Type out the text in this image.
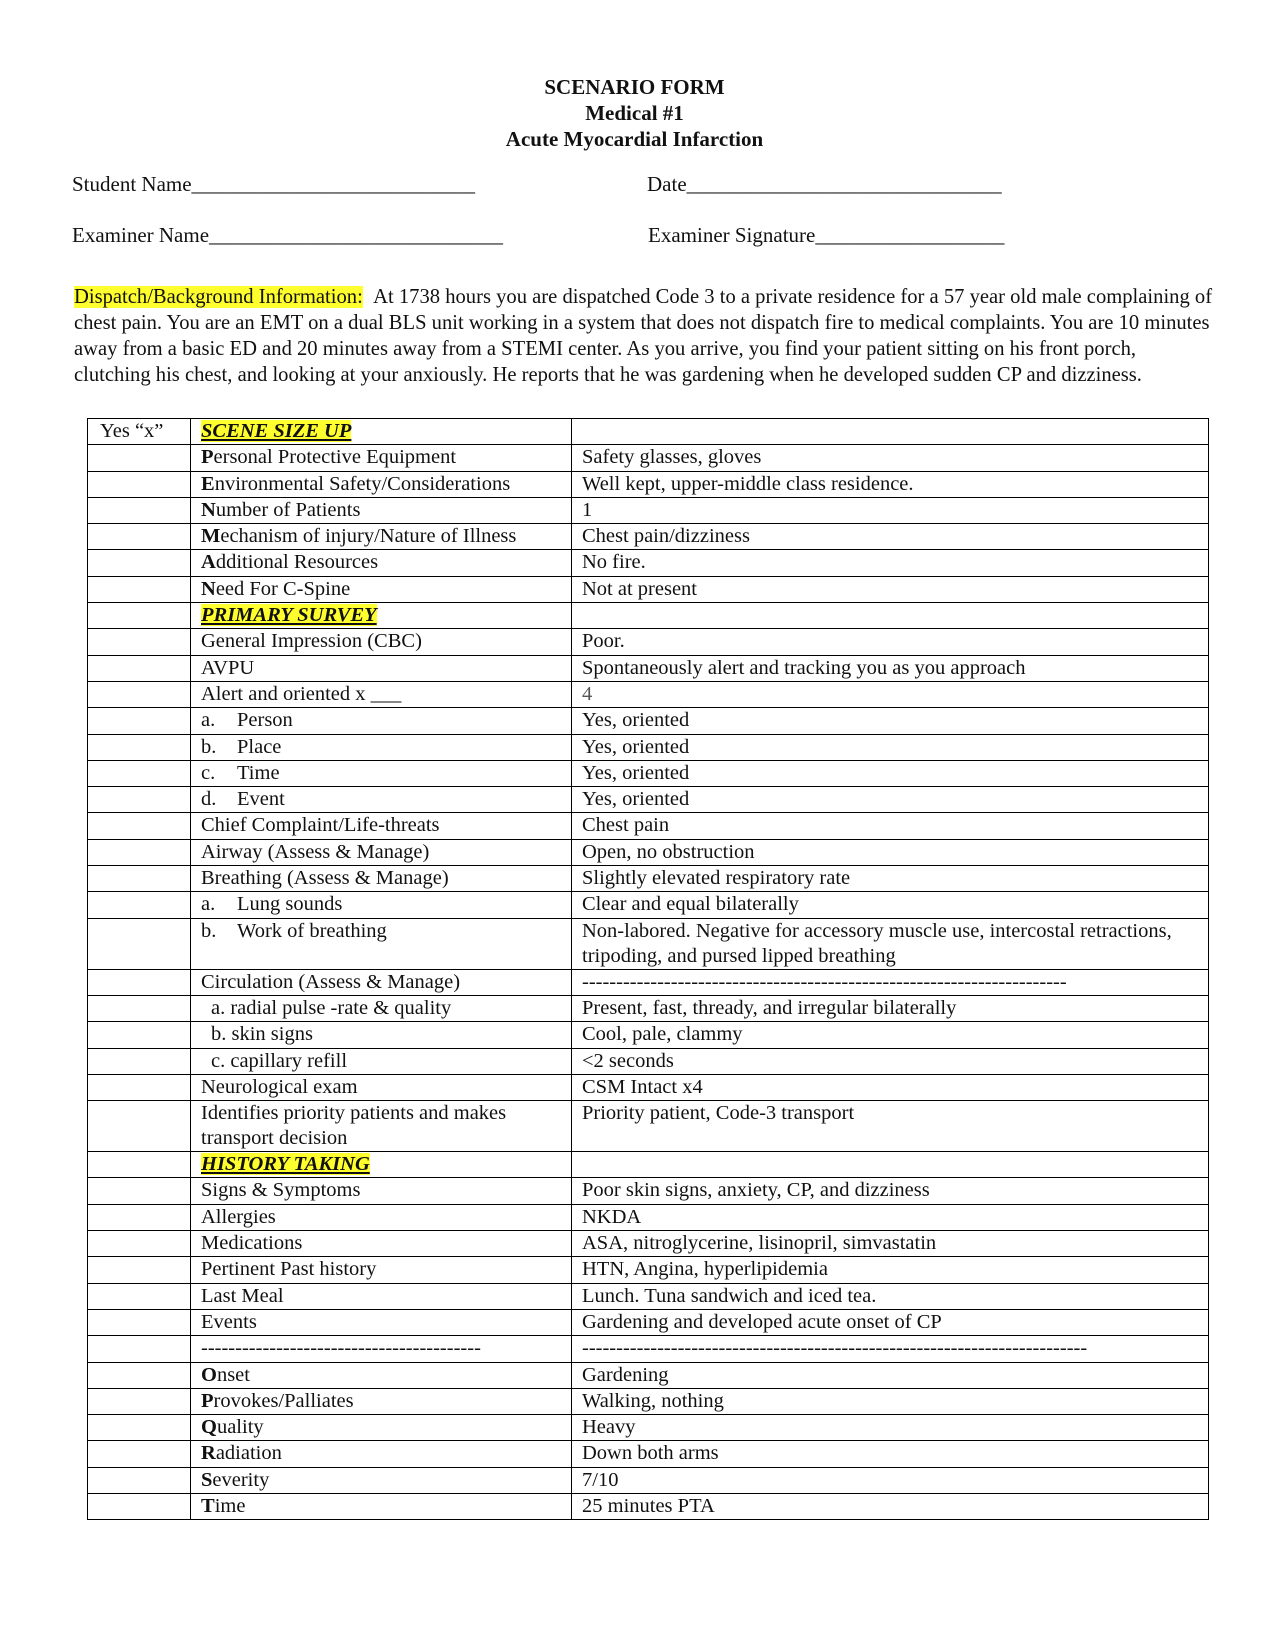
SCENARIO FORM
Medical #1
Acute Myocardial Infarction
Student Name___________________________	Date______________________________
Examiner Name____________________________	Examiner Signature__________________
Dispatch/Background Information: At 1738 hours you are dispatched Code 3 to a private residence for a 57 year old male complaining of chest pain. You are an EMT on a dual BLS unit working in a system that does not dispatch fire to medical complaints. You are 10 minutes away from a basic ED and 20 minutes away from a STEMI center. As you arrive, you find your patient sitting on his front porch, clutching his chest, and looking at your anxiously. He reports that he was gardening when he developed sudden CP and dizziness.
Yes “x”	SCENE SIZE UP	
	Personal Protective Equipment	Safety glasses, gloves
	Environmental Safety/Considerations	Well kept, upper-middle class residence.
	Number of Patients	1
	Mechanism of injury/Nature of Illness	Chest pain/dizziness
	Additional Resources	No fire.
	Need For C-Spine	Not at present
	PRIMARY SURVEY	
	General Impression (CBC)	Poor.
	AVPU	Spontaneously alert and tracking you as you approach
	Alert and oriented x ___	4
	a. Person	Yes, oriented
	b. Place	Yes, oriented
	c. Time	Yes, oriented
	d. Event	Yes, oriented
	Chief Complaint/Life-threats	Chest pain
	Airway (Assess & Manage)	Open, no obstruction
	Breathing (Assess & Manage)	Slightly elevated respiratory rate
	a. Lung sounds	Clear and equal bilaterally
	b. Work of breathing	Non-labored. Negative for accessory muscle use, intercostal retractions, tripoding, and pursed lipped breathing
	Circulation (Assess & Manage)	-----------------------------------------------------------------------
	a. radial pulse -rate & quality	Present, fast, thready, and irregular bilaterally
	b. skin signs	Cool, pale, clammy
	c. capillary refill	<2 seconds
	Neurological exam	CSM Intact x4
	Identifies priority patients and makes transport decision	Priority patient, Code-3 transport
	HISTORY TAKING	
	Signs & Symptoms	Poor skin signs, anxiety, CP, and dizziness
	Allergies	NKDA
	Medications	ASA, nitroglycerine, lisinopril, simvastatin
	Pertinent Past history	HTN, Angina, hyperlipidemia
	Last Meal	Lunch. Tuna sandwich and iced tea.
	Events	Gardening and developed acute onset of CP
	-----------------------------------------	--------------------------------------------------------------------------
	Onset	Gardening
	Provokes/Palliates	Walking, nothing
	Quality	Heavy
	Radiation	Down both arms
	Severity	7/10
	Time	25 minutes PTA
